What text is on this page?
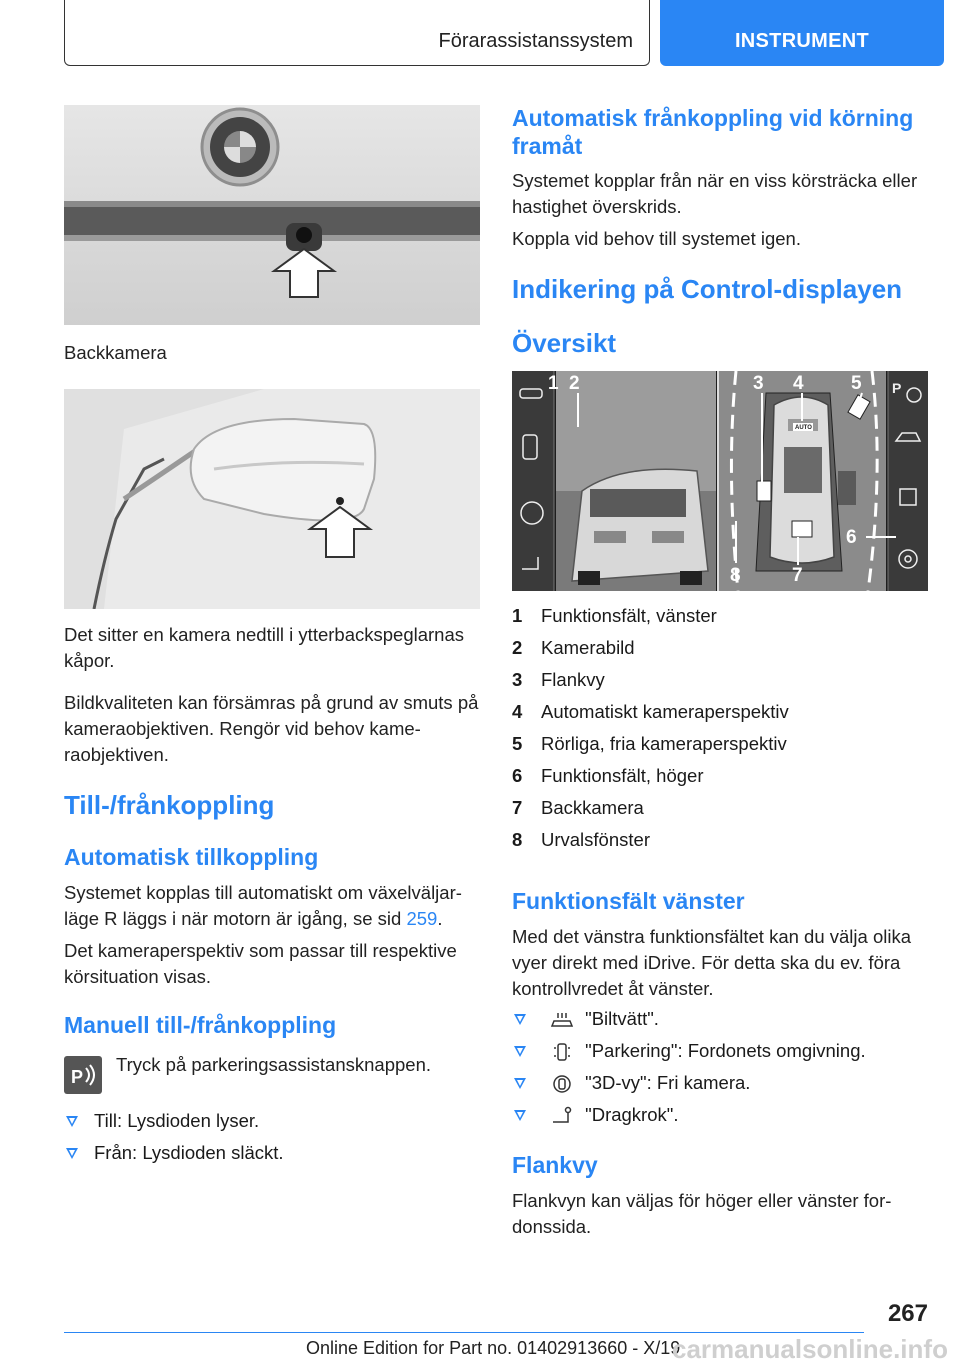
Förarassistanssystem	INSTRUMENT

Backkamera

Det sitter en kamera nedtill i ytterbackspeglarnas kåpor.

Bildkvaliteten kan försämras på grund av smuts på kameraobjektiven. Rengör vid behov kameraobjektiven.

Till-/frånkoppling
Automatisk tillkoppling

Systemet kopplas till automatiskt om växelväljarläge R läggs i när motorn är igång, se sid 259.

Det kameraperspektiv som passar till respektive körsituation visas.

Manuell till-/frånkoppling
P

Tryck på parkeringsassistansknappen.

Till: Lysdioden lyser.
Från: Lysdioden släckt.
Automatisk frånkoppling vid körning framåt

Systemet kopplar från när en viss körsträcka eller hastighet överskrids.

Koppla vid behov till systemet igen.

Indikering på Control-displayen
Översikt
AUTO
P
1 2	3 4 5
6
7
8
1	Funktionsfält, vänster
2	Kamerabild
3	Flankvy
4	Automatiskt kameraperspektiv
5	Rörliga, fria kameraperspektiv
6	Funktionsfält, höger
7	Backkamera
8	Urvalsfönster
Funktionsfält vänster

Med det vänstra funktionsfältet kan du välja olika vyer direkt med iDrive. För detta ska du ev. föra kontrollvredet åt vänster.

"Biltvätt".
"Parkering": Fordonets omgivning.
"3D-vy": Fri kamera.
"Dragkrok".
Flankvy

Flankvyn kan väljas för höger eller vänster fordonssida.

267
Online Edition for Part no. 01402913660 - X/19
carmanualsonline.info
